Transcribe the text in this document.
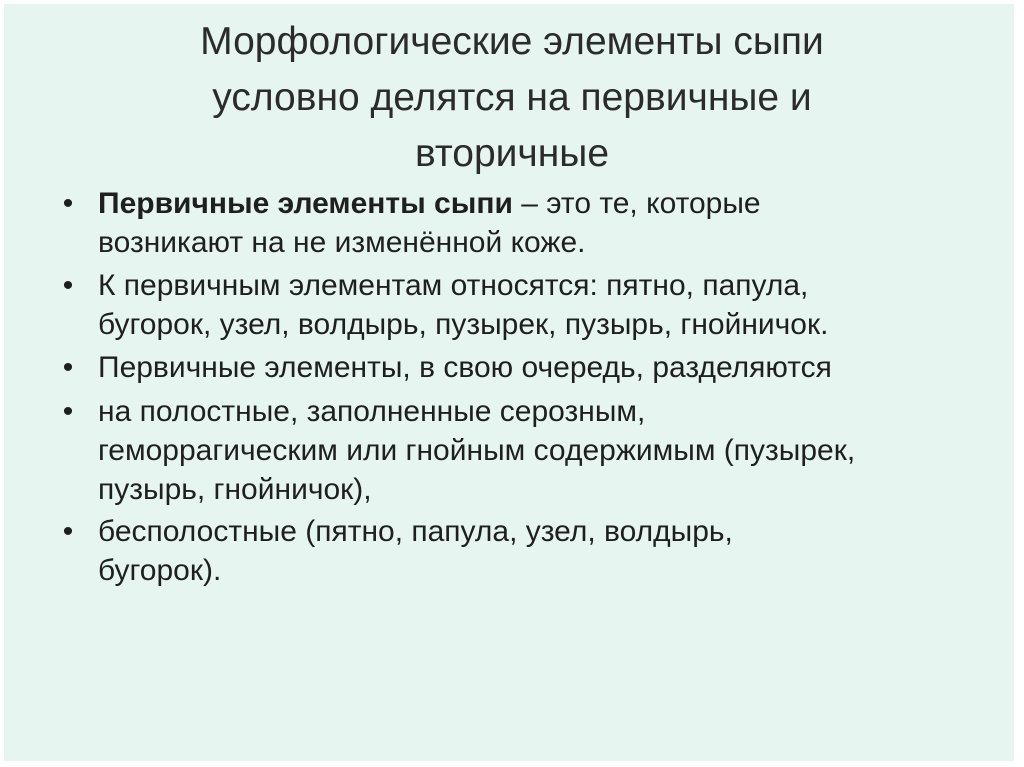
Морфологические элементы сыпи
условно делятся на первичные и
вторичные
• Первичные элементы сыпи – это те, которые
возникают на не изменённой коже.
• К первичным элементам относятся: пятно, папула,
бугорок, узел, волдырь, пузырек, пузырь, гнойничок.
• Первичные элементы, в свою очередь, разделяются
• на полостные, заполненные серозным,
геморрагическим или гнойным содержимым (пузырек,
пузырь, гнойничок),
• бесполостные (пятно, папула, узел, волдырь,
бугорок).
